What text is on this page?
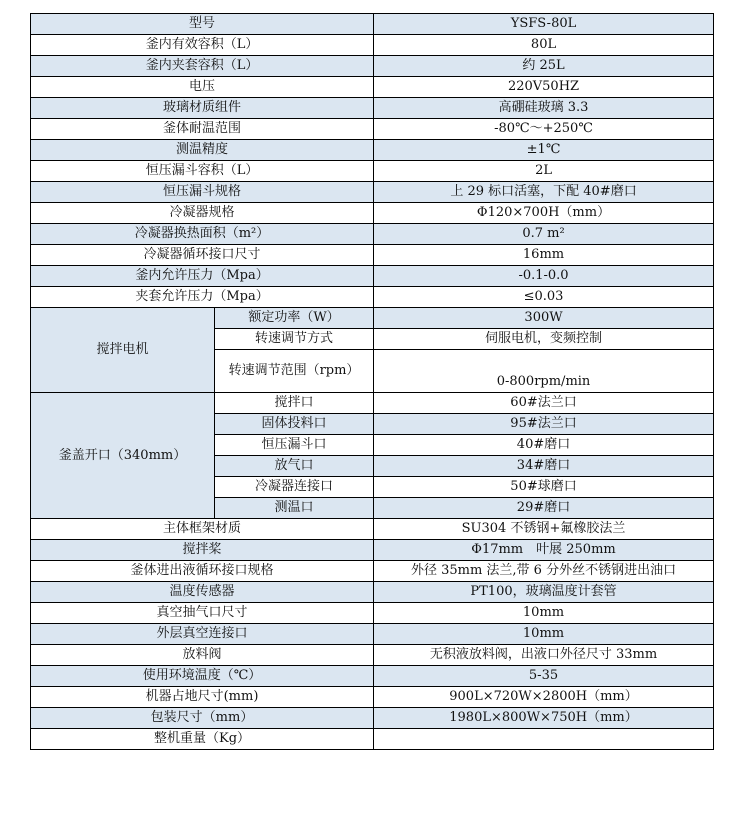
型号		YSFS-80L
釜内有效容积（L）		80L
釜内夹套容积（L）		约 25L
电压		220V50HZ
玻璃材质组件		高硼硅玻璃 3.3
釜体耐温范围		-80℃～+250℃
测温精度		±1℃
恒压漏斗容积（L）		2L
恒压漏斗规格		上 29 标口活塞，下配 40#磨口
冷凝器规格		Φ120×700H（mm）
冷凝器换热面积（m²）		0.7 m²
冷凝器循环接口尺寸		16mm
釜内允许压力（Mpa）		-0.1-0.0
夹套允许压力（Mpa）		≤0.03
搅拌电机	额定功率（W）	300W
	转速调节方式	伺服电机，变频控制
	转速调节范围（rpm）	0-800rpm/min
釜盖开口（340mm）	搅拌口	60#法兰口
	固体投料口	95#法兰口
	恒压漏斗口	40#磨口
	放气口	34#磨口
	冷凝器连接口	50#球磨口
	测温口	29#磨口
主体框架材质		SU304 不锈钢+氟橡胶法兰
搅拌桨		Φ17mm　叶展 250mm
釜体进出液循环接口规格		外径 35mm 法兰,带 6 分外丝不锈钢进出油口
温度传感器		PT100，玻璃温度计套管
真空抽气口尺寸		10mm
外层真空连接口		10mm
放料阀		无积液放料阀，出液口外径尺寸 33mm
使用环境温度（℃）		5-35
机器占地尺寸(mm)		900L×720W×2800H（mm）
包装尺寸（mm）		1980L×800W×750H（mm）
整机重量（Kg）		
